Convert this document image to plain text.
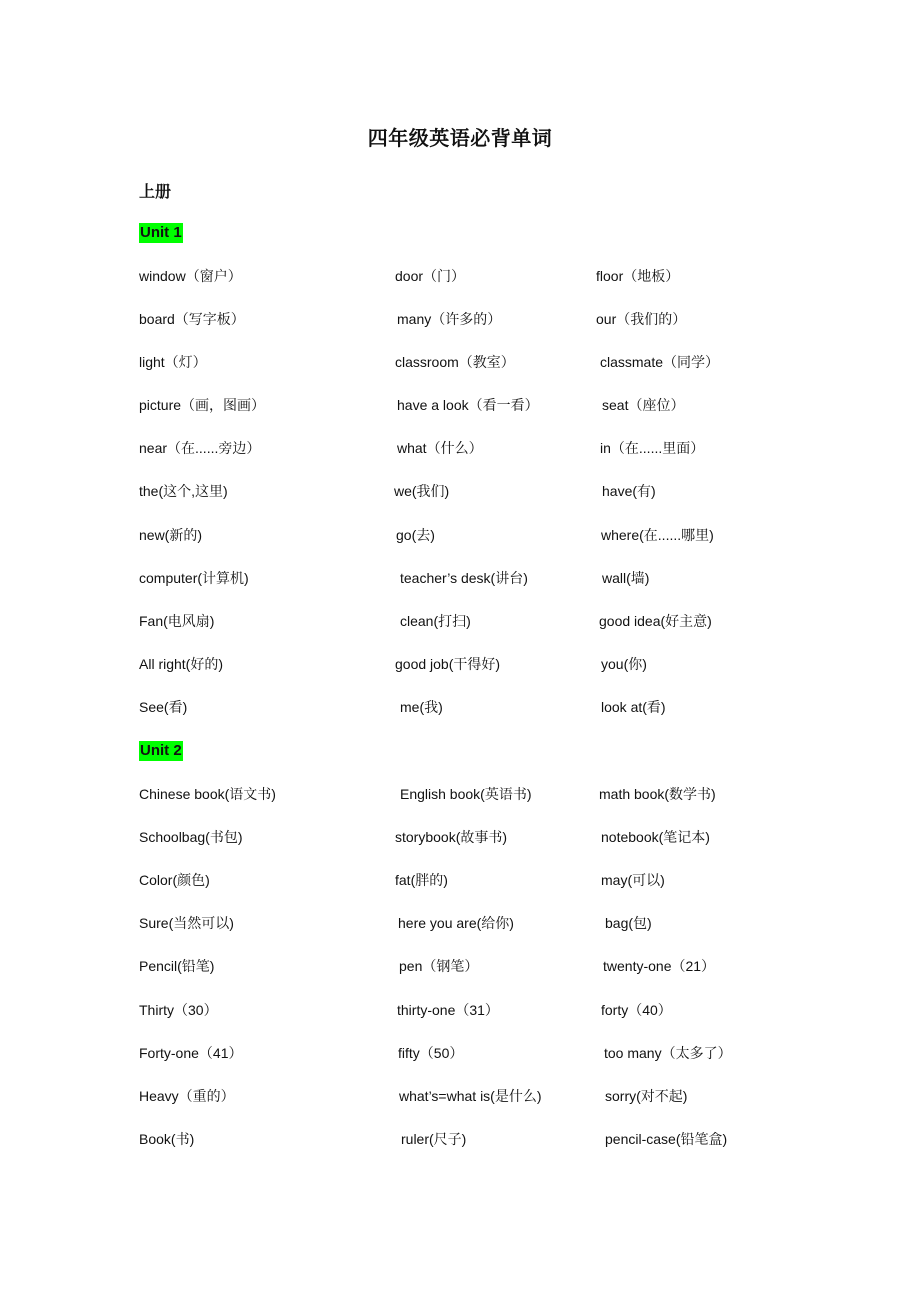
四年级英语必背单词
上册
Unit 1
window（窗户）	door（门）	floor（地板）
board（写字板）	many（许多的）	our（我们的）
light（灯）	classroom（教室）	classmate（同学）
picture（画，图画）	have a look（看一看）	seat（座位）
near（在......旁边）	what（什么）	in（在......里面）
the(这个,这里)	we(我们)	have(有)
new(新的)	go(去)	where(在......哪里)
computer(计算机)	teacher’s desk(讲台)	wall(墙)
Fan(电风扇)	clean(打扫)	good idea(好主意)
All right(好的)	good job(干得好)	you(你)
See(看)	me(我)	look at(看)
Unit 2
Chinese book(语文书)	English book(英语书)	math book(数学书)
Schoolbag(书包)	storybook(故事书)	notebook(笔记本)
Color(颜色)	fat(胖的)	may(可以)
Sure(当然可以)	here you are(给你)	bag(包)
Pencil(铅笔)	pen（钢笔）	twenty-one（21）
Thirty（30）	thirty-one（31）	forty（40）
Forty-one（41）	fifty（50）	too many（太多了）
Heavy（重的）	what’s=what is(是什么)	sorry(对不起)
Book(书)	ruler(尺子)	pencil-case(铅笔盒)
